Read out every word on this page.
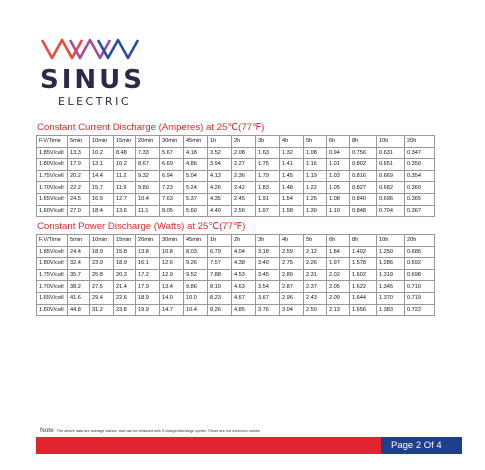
SINUS
ELECTRIC
Constant Current Discharge (Amperes) at 25℃(77℉)
F.V/Time	5min	10min	15min	20min	30min	45min	1h	2h	3h	4h	5h	6h	8h	10h	20h
1.85V/cell	13.3	10.2	8.48	7.33	5.67	4.18	3.52	2.08	1.63	1.32	1.08	0.94	0.756	0.631	0.347
1.80V/cell	17.9	13.1	10.2	8.67	6.69	4.86	3.94	2.27	1.75	1.41	1.16	1.01	0.802	0.651	0.350
1.75V/cell	20.2	14.4	11.2	9.32	6.94	5.04	4.13	2.36	1.79	1.45	1.19	1.03	0.816	0.669	0.354
1.70V/cell	22.2	15.7	11.9	9.80	7.23	5.24	4.26	2.42	1.83	1.48	1.22	1.05	0.827	0.682	0.360
1.65V/cell	24.5	16.9	12.7	10.4	7.63	5.37	4.35	2.45	1.91	1.54	1.25	1.08	0.840	0.696	0.365
1.60V/cell	27.0	18.4	13.6	11.1	8.05	5.60	4.40	2.56	1.97	1.58	1.30	1.10	0.848	0.704	0.367
Constant Power Discharge (Watts) at 25℃(77℉)
F.V/Time	5min	10min	15min	20min	30min	45min	1h	2h	3h	4h	5h	6h	8h	10h	20h
1.85V/cell	24.4	18.9	15.8	13.8	10.8	8.03	6.79	4.04	3.18	2.59	2.12	1.84	1.492	1.250	0.686
1.80V/cell	32.4	23.9	18.9	16.1	12.6	9.26	7.57	4.38	3.40	2.75	2.26	1.97	1.578	1.286	0.692
1.75V/cell	35.7	25.8	20.3	17.2	12.9	9.52	7.88	4.53	3.45	2.80	2.31	2.02	1.602	1.319	0.698
1.70V/cell	38.2	27.5	21.4	17.9	13.4	9.86	8.10	4.63	3.54	2.87	2.37	2.05	1.622	1.345	0.710
1.65V/cell	41.6	29.4	22.6	18.9	14.0	10.0	8.23	4.67	3.67	2.96	2.43	2.09	1.644	1.370	0.719
1.60V/cell	44.8	31.2	23.8	19.9	14.7	10.4	8.26	4.85	3.76	3.04	2.50	2.13	1.656	1.383	0.722
Note The above data are average values, and can be obtained with 3 charge/discharge cycles. These are not minimum values.
Page 2 Of 4
